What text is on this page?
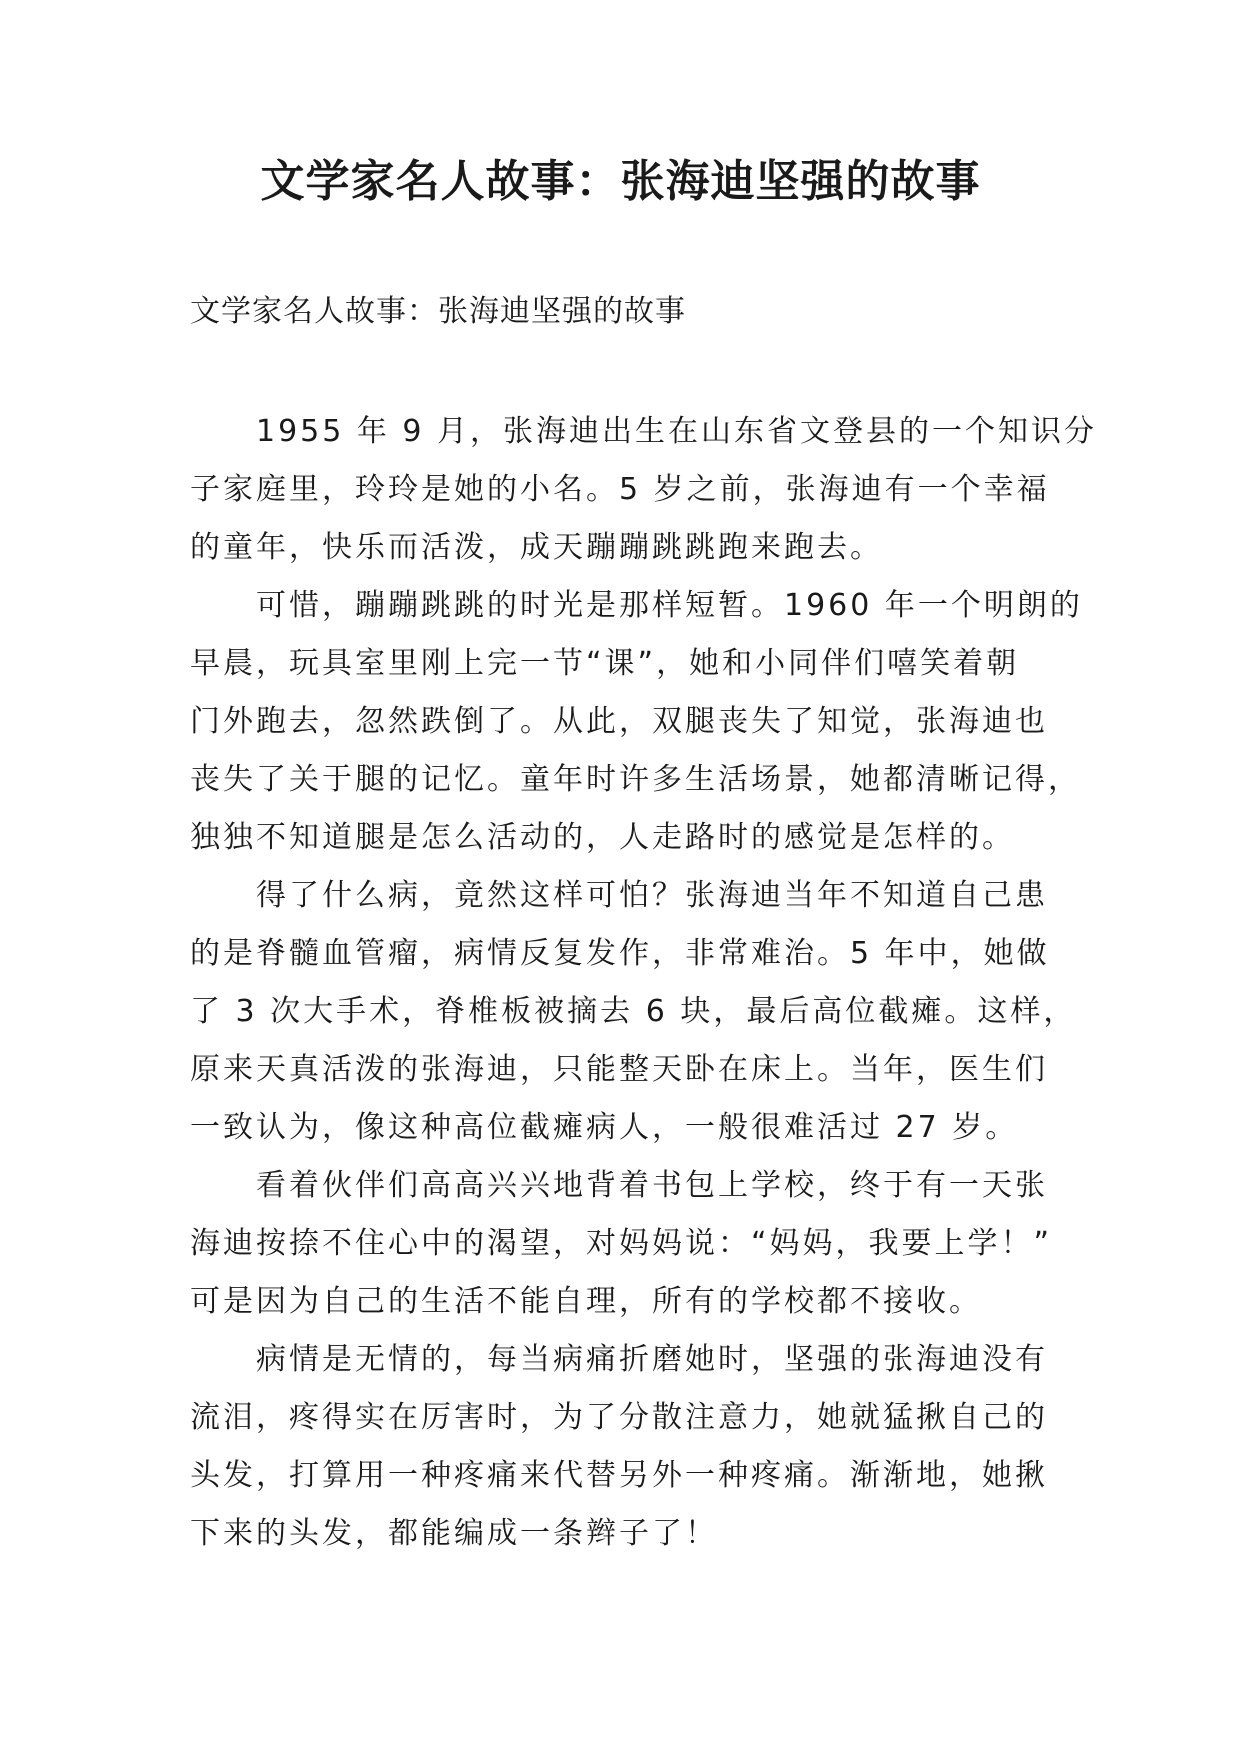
文学家名人故事：张海迪坚强的故事

文学家名人故事：张海迪坚强的故事

1955 年 9 月，张海迪出生在山东省文登县的一个知识分
子家庭里，玲玲是她的小名。5 岁之前，张海迪有一个幸福
的童年，快乐而活泼，成天蹦蹦跳跳跑来跑去。

可惜，蹦蹦跳跳的时光是那样短暂。1960 年一个明朗的
早晨，玩具室里刚上完一节“课”，她和小同伴们嘻笑着朝
门外跑去，忽然跌倒了。从此，双腿丧失了知觉，张海迪也
丧失了关于腿的记忆。童年时许多生活场景，她都清晰记得，
独独不知道腿是怎么活动的，人走路时的感觉是怎样的。

得了什么病，竟然这样可怕？张海迪当年不知道自己患
的是脊髓血管瘤，病情反复发作，非常难治。5 年中，她做
了 3 次大手术，脊椎板被摘去 6 块，最后高位截瘫。这样，
原来天真活泼的张海迪，只能整天卧在床上。当年，医生们
一致认为，像这种高位截瘫病人，一般很难活过 27 岁。

看着伙伴们高高兴兴地背着书包上学校，终于有一天张
海迪按捺不住心中的渴望，对妈妈说：“妈妈，我要上学！”
可是因为自己的生活不能自理，所有的学校都不接收。

病情是无情的，每当病痛折磨她时，坚强的张海迪没有
流泪，疼得实在厉害时，为了分散注意力，她就猛揪自己的
头发，打算用一种疼痛来代替另外一种疼痛。渐渐地，她揪
下来的头发，都能编成一条辫子了！
